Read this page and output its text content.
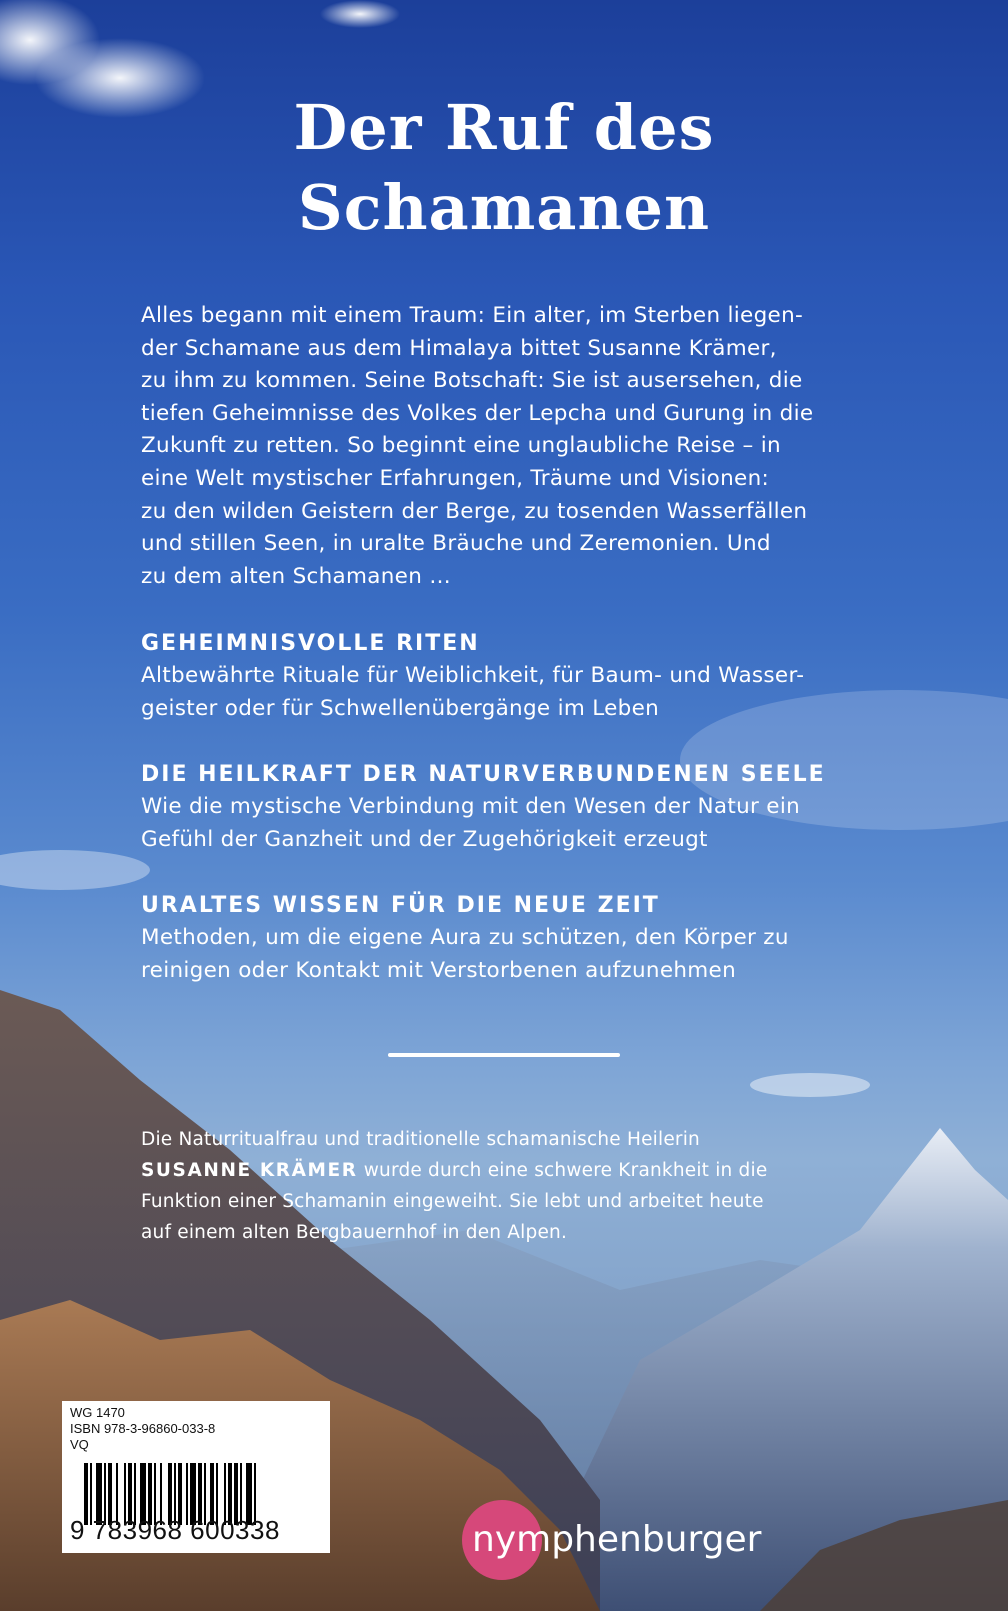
Der Ruf des
Schamanen

Alles begann mit einem Traum: Ein alter, im Sterben liegen-
der Schamane aus dem Himalaya bittet Susanne Krämer,
zu ihm zu kommen. Seine Botschaft: Sie ist ausersehen, die
tiefen Geheimnisse des Volkes der Lepcha und Gurung in die
Zukunft zu retten. So beginnt eine unglaubliche Reise – in
eine Welt mystischer Erfahrungen, Träume und Visionen:
zu den wilden Geistern der Berge, zu tosenden Wasserfällen
und stillen Seen, in uralte Bräuche und Zeremonien. Und
zu dem alten Schamanen …

GEHEIMNISVOLLE RITEN

Altbewährte Rituale für Weiblichkeit, für Baum- und Wasser-
geister oder für Schwellenübergänge im Leben

DIE HEILKRAFT DER NATURVERBUNDENEN SEELE

Wie die mystische Verbindung mit den Wesen der Natur ein
Gefühl der Ganzheit und der Zugehörigkeit erzeugt

URALTES WISSEN FÜR DIE NEUE ZEIT

Methoden, um die eigene Aura zu schützen, den Körper zu
reinigen oder Kontakt mit Verstorbenen aufzunehmen

Die Naturritualfrau und traditionelle schamanische Heilerin
SUSANNE KRÄMER wurde durch eine schwere Krankheit in die
Funktion einer Schamanin eingeweiht. Sie lebt und arbeitet heute
auf einem alten Bergbauernhof in den Alpen.
WG 1470
ISBN 978-3-96860-033-8
VQ
9 783968 600338	nymphenburger
